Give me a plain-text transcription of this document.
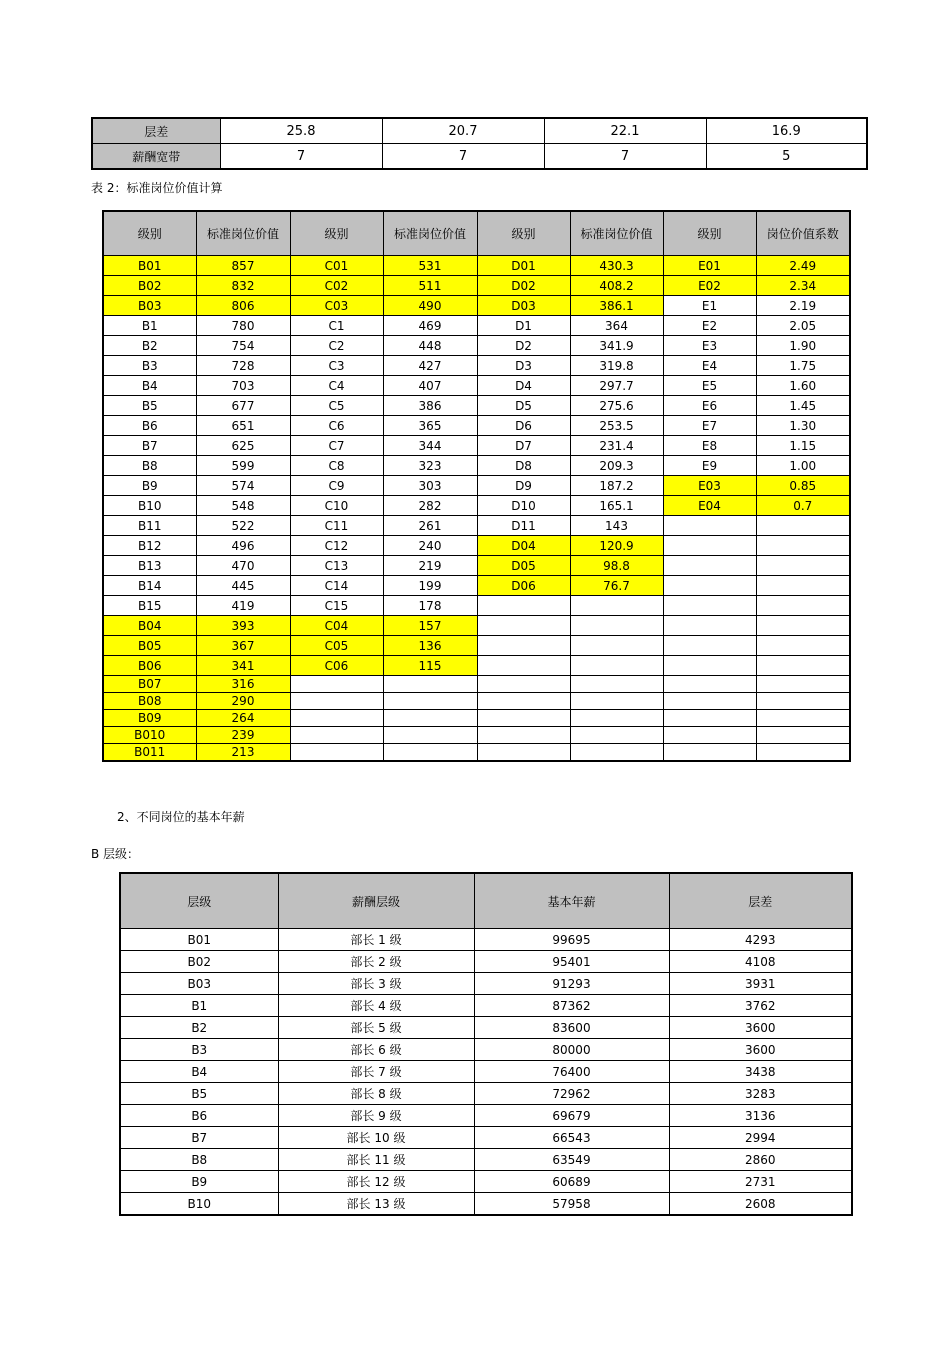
层差	25.8	20.7	22.1	16.9
薪酬宽带	7	7	7	5
表 2：标准岗位价值计算
级别	标准岗位价值	级别	标准岗位价值	级别	标准岗位价值	级别	岗位价值系数
B01	857	C01	531	D01	430.3	E01	2.49
B02	832	C02	511	D02	408.2	E02	2.34
B03	806	C03	490	D03	386.1	E1	2.19
B1	780	C1	469	D1	364	E2	2.05
B2	754	C2	448	D2	341.9	E3	1.90
B3	728	C3	427	D3	319.8	E4	1.75
B4	703	C4	407	D4	297.7	E5	1.60
B5	677	C5	386	D5	275.6	E6	1.45
B6	651	C6	365	D6	253.5	E7	1.30
B7	625	C7	344	D7	231.4	E8	1.15
B8	599	C8	323	D8	209.3	E9	1.00
B9	574	C9	303	D9	187.2	E03	0.85
B10	548	C10	282	D10	165.1	E04	0.7
B11	522	C11	261	D11	143		
B12	496	C12	240	D04	120.9		
B13	470	C13	219	D05	98.8		
B14	445	C14	199	D06	76.7		
B15	419	C15	178				
B04	393	C04	157				
B05	367	C05	136				
B06	341	C06	115				
B07	316						
B08	290						
B09	264						
B010	239						
B011	213						
2、不同岗位的基本年薪
B 层级：
层级	薪酬层级	基本年薪	层差
B01	部长 1 级	99695	4293
B02	部长 2 级	95401	4108
B03	部长 3 级	91293	3931
B1	部长 4 级	87362	3762
B2	部长 5 级	83600	3600
B3	部长 6 级	80000	3600
B4	部长 7 级	76400	3438
B5	部长 8 级	72962	3283
B6	部长 9 级	69679	3136
B7	部长 10 级	66543	2994
B8	部长 11 级	63549	2860
B9	部长 12 级	60689	2731
B10	部长 13 级	57958	2608
